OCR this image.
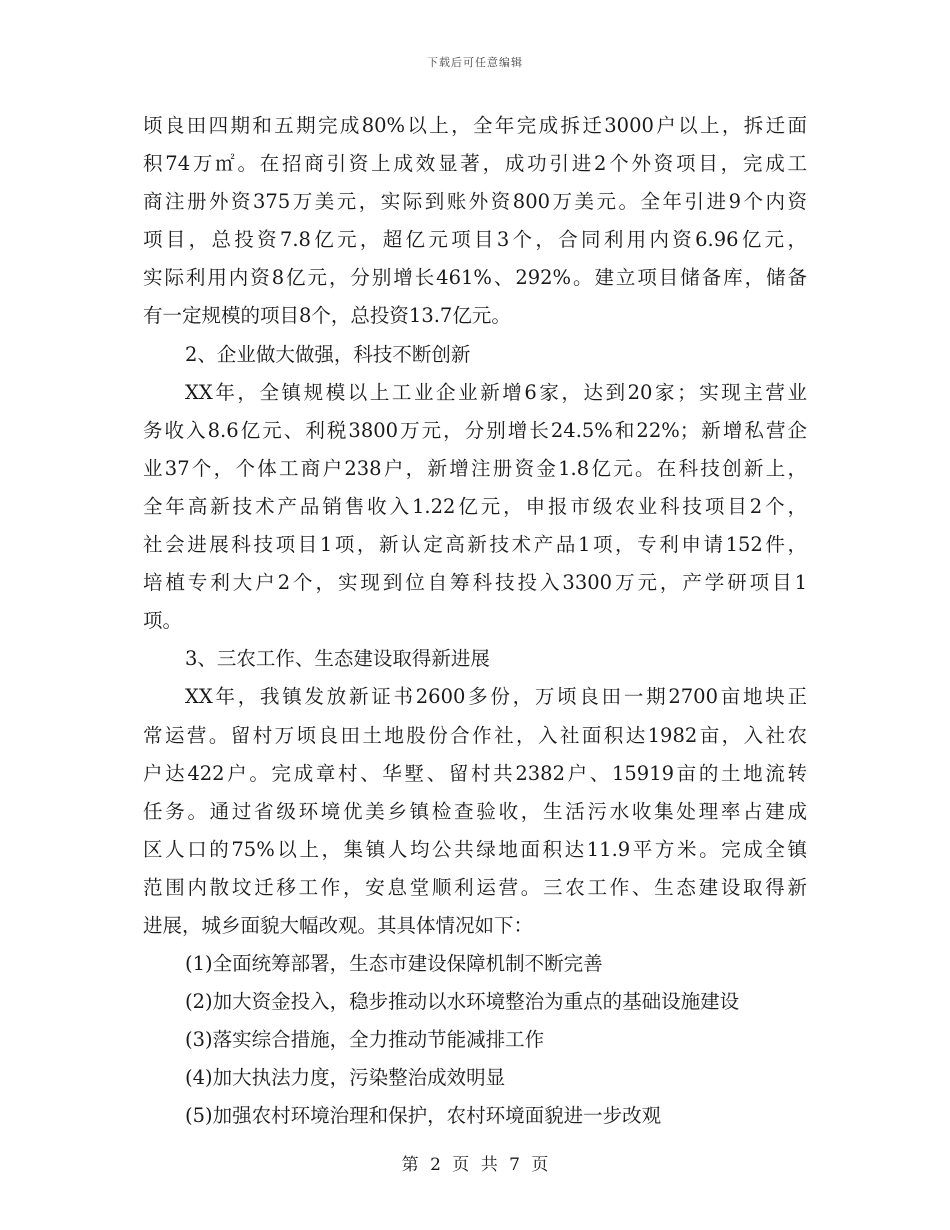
下载后可任意编辑
顷良田四期和五期完成80%以上，全年完成拆迁3000户以上，拆迁面
积74万㎡。在招商引资上成效显著，成功引进2个外资项目，完成工
商注册外资375万美元，实际到账外资800万美元。全年引进9个内资
项目，总投资7.8亿元，超亿元项目3个，合同利用内资6.96亿元，
实际利用内资8亿元，分别增长461%、292%。建立项目储备库，储备
有一定规模的项目8个，总投资13.7亿元。
2、企业做大做强，科技不断创新
XX年，全镇规模以上工业企业新增6家，达到20家；实现主营业
务收入8.6亿元、利税3800万元，分别增长24.5%和22%；新增私营企
业37个，个体工商户238户，新增注册资金1.8亿元。在科技创新上，
全年高新技术产品销售收入1.22亿元，申报市级农业科技项目2个，
社会进展科技项目1项，新认定高新技术产品1项，专利申请152件，
培植专利大户2个，实现到位自筹科技投入3300万元，产学研项目1
项。
3、三农工作、生态建设取得新进展
XX年，我镇发放新证书2600多份，万顷良田一期2700亩地块正
常运营。留村万顷良田土地股份合作社，入社面积达1982亩，入社农
户达422户。完成章村、华墅、留村共2382户、15919亩的土地流转
任务。通过省级环境优美乡镇检查验收，生活污水收集处理率占建成
区人口的75%以上，集镇人均公共绿地面积达11.9平方米。完成全镇
范围内散坟迁移工作，安息堂顺利运营。三农工作、生态建设取得新
进展，城乡面貌大幅改观。其具体情况如下：
(1)全面统筹部署，生态市建设保障机制不断完善
(2)加大资金投入，稳步推动以水环境整治为重点的基础设施建设
(3)落实综合措施，全力推动节能减排工作
(4)加大执法力度，污染整治成效明显
(5)加强农村环境治理和保护，农村环境面貌进一步改观
第 2 页 共 7 页
